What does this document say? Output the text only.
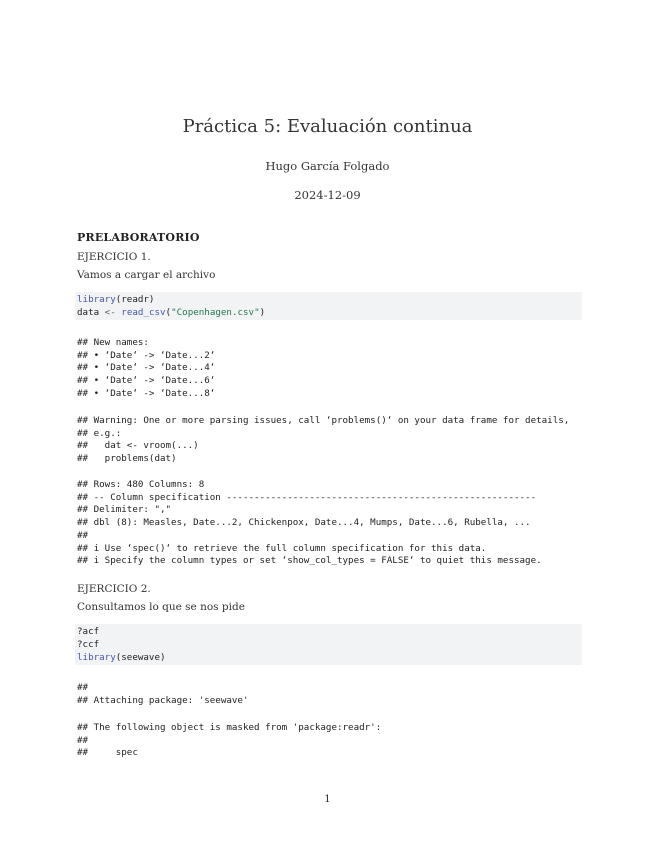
Práctica 5: Evaluación continua
Hugo García Folgado
2024-12-09
PRELABORATORIO
EJERCICIO 1.
Vamos a cargar el archivo
library(readr)
data <- read_csv("Copenhagen.csv")
## New names:
## • ‘Date‘ -> ‘Date...2‘
## • ‘Date‘ -> ‘Date...4‘
## • ‘Date‘ -> ‘Date...6‘
## • ‘Date‘ -> ‘Date...8‘
## Warning: One or more parsing issues, call ‘problems()‘ on your data frame for details,
## e.g.:
##   dat <- vroom(...)
##   problems(dat)
## Rows: 480 Columns: 8
## -- Column specification --------------------------------------------------------
## Delimiter: ","
## dbl (8): Measles, Date...2, Chickenpox, Date...4, Mumps, Date...6, Rubella, ...
##
## i Use ‘spec()‘ to retrieve the full column specification for this data.
## i Specify the column types or set ‘show_col_types = FALSE‘ to quiet this message.
EJERCICIO 2.
Consultamos lo que se nos pide
?acf
?ccf
library(seewave)
##
## Attaching package: 'seewave'
## The following object is masked from 'package:readr':
##
##     spec
1
